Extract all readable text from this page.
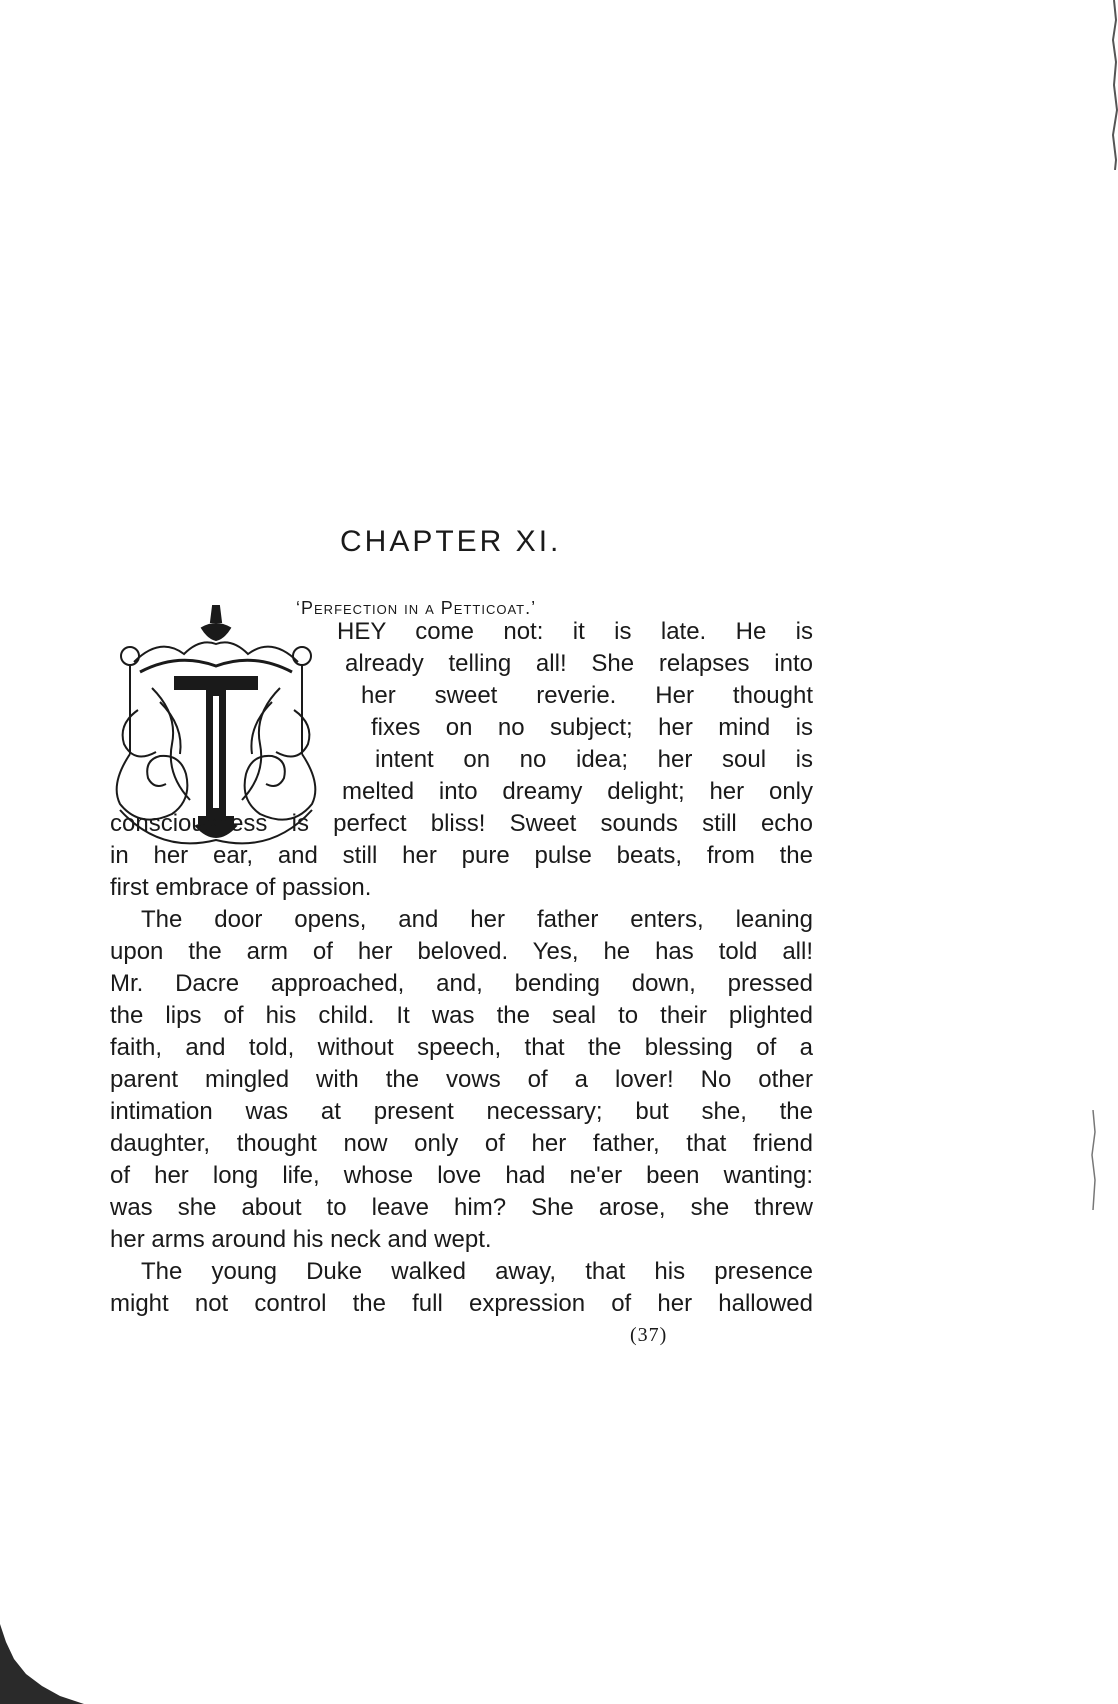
CHAPTER XI.
‘Perfection in a Petticoat.’
HEY come not: it is late. He is
already telling all! She relapses into
her sweet reverie. Her thought
fixes on no subject; her mind is
intent on no idea; her soul is
melted into dreamy delight; her only
consciousness is perfect bliss! Sweet sounds still echo
in her ear, and still her pure pulse beats, from the
first embrace of passion.
The door opens, and her father enters, leaning
upon the arm of her beloved. Yes, he has told all!
Mr. Dacre approached, and, bending down, pressed
the lips of his child. It was the seal to their plighted
faith, and told, without speech, that the blessing of a
parent mingled with the vows of a lover! No other
intimation was at present necessary; but she, the
daughter, thought now only of her father, that friend
of her long life, whose love had ne'er been wanting:
was she about to leave him? She arose, she threw
her arms around his neck and wept.
The young Duke walked away, that his presence
might not control the full expression of her hallowed
(37)
